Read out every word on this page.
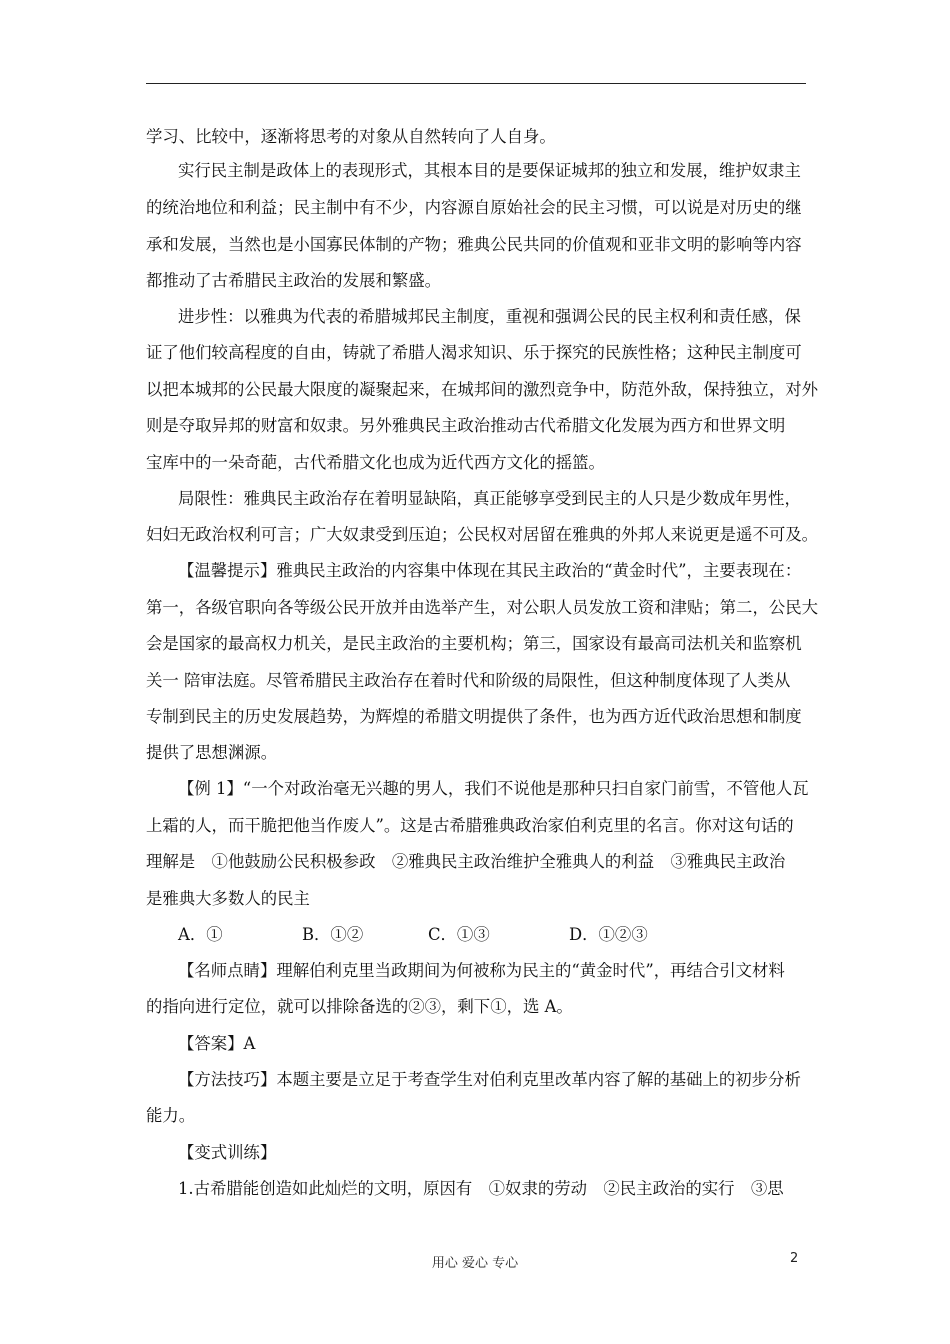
学习、比较中，逐渐将思考的对象从自然转向了人自身。
实行民主制是政体上的表现形式，其根本目的是要保证城邦的独立和发展，维护奴隶主
的统治地位和利益；民主制中有不少，内容源自原始社会的民主习惯，可以说是对历史的继
承和发展，当然也是小国寡民体制的产物；雅典公民共同的价值观和亚非文明的影响等内容
都推动了古希腊民主政治的发展和繁盛。
进步性：以雅典为代表的希腊城邦民主制度，重视和强调公民的民主权利和责任感，保
证了他们较高程度的自由，铸就了希腊人渴求知识、乐于探究的民族性格；这种民主制度可
以把本城邦的公民最大限度的凝聚起来，在城邦间的激烈竞争中，防范外敌，保持独立，对外
则是夺取异邦的财富和奴隶。另外雅典民主政治推动古代希腊文化发展为西方和世界文明
宝库中的一朵奇葩，古代希腊文化也成为近代西方文化的摇篮。
局限性：雅典民主政治存在着明显缺陷，真正能够享受到民主的人只是少数成年男性，
妇妇无政治权利可言；广大奴隶受到压迫；公民权对居留在雅典的外邦人来说更是遥不可及。
【温馨提示】雅典民主政治的内容集中体现在其民主政治的“黄金时代”，主要表现在：
第一，各级官职向各等级公民开放并由选举产生，对公职人员发放工资和津贴；第二，公民大
会是国家的最高权力机关，是民主政治的主要机构；第三，国家设有最高司法机关和监察机
关一 陪审法庭。尽管希腊民主政治存在着时代和阶级的局限性，但这种制度体现了人类从
专制到民主的历史发展趋势，为辉煌的希腊文明提供了条件，也为西方近代政治思想和制度
提供了思想渊源。
【例 1】“一个对政治毫无兴趣的男人，我们不说他是那种只扫自家门前雪，不管他人瓦
上霜的人，而干脆把他当作废人”。这是古希腊雅典政治家伯利克里的名言。你对这句话的
理解是　①他鼓励公民积极参政　②雅典民主政治维护全雅典人的利益　③雅典民主政治
是雅典大多数人的民主
A．①	B．①②	C．①③	D．①②③
【名师点睛】理解伯利克里当政期间为何被称为民主的“黄金时代”，再结合引文材料
的指向进行定位，就可以排除备选的②③，剩下①，选 A。
【答案】A
【方法技巧】本题主要是立足于考查学生对伯利克里改革内容了解的基础上的初步分析
能力。
【变式训练】
1.古希腊能创造如此灿烂的文明，原因有　①奴隶的劳动　②民主政治的实行　③思
用心 爱心 专心	2
